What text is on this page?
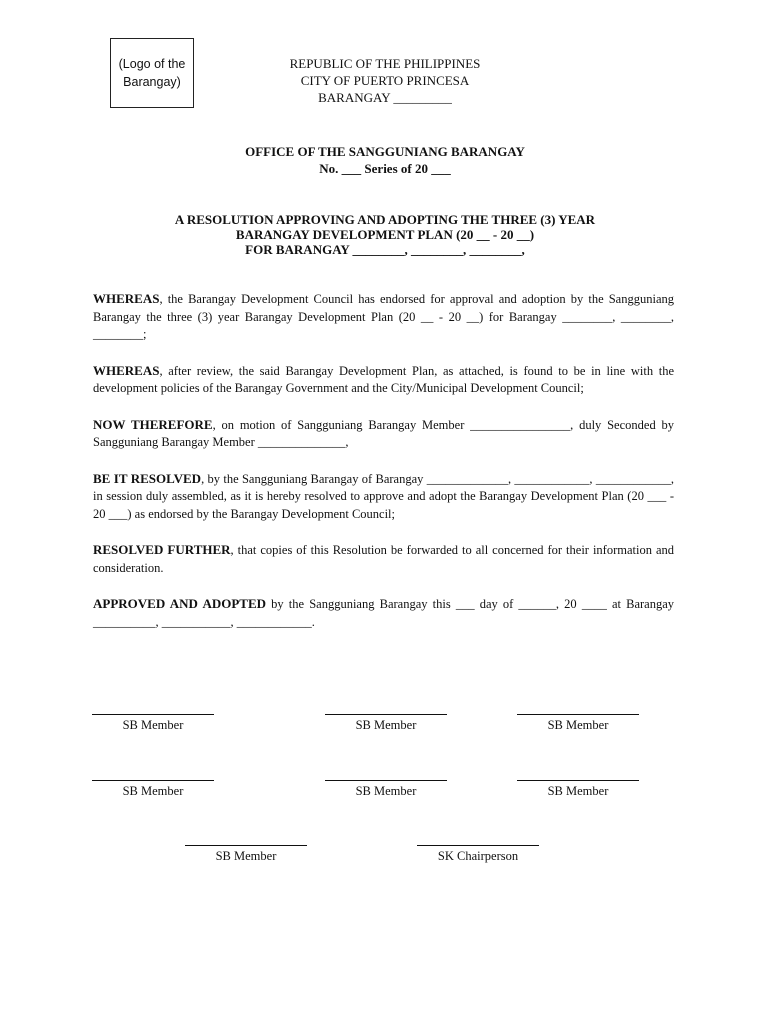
(Logo of the Barangay)
REPUBLIC OF THE PHILIPPINES
CITY OF PUERTO PRINCESA
BARANGAY _________
OFFICE OF THE SANGGUNIANG BARANGAY
No. ___ Series of 20 ___
A RESOLUTION APPROVING AND ADOPTING THE THREE (3) YEAR
BARANGAY DEVELOPMENT PLAN (20 __ - 20 __)
FOR BARANGAY ________, ________, ________,

WHEREAS, the Barangay Development Council has endorsed for approval and adoption by the Sangguniang Barangay the three (3) year Barangay Development Plan (20 __ - 20 __) for Barangay ________, ________, ________;

WHEREAS, after review, the said Barangay Development Plan, as attached, is found to be in line with the development policies of the Barangay Government and the City/Municipal Development Council;

NOW THEREFORE, on motion of Sangguniang Barangay Member ________________, duly Seconded by Sangguniang Barangay Member ______________,

BE IT RESOLVED, by the Sangguniang Barangay of Barangay _____________, ____________, ____________, in session duly assembled, as it is hereby resolved to approve and adopt the Barangay Development Plan (20 ___ - 20 ___) as endorsed by the Barangay Development Council;

RESOLVED FURTHER, that copies of this Resolution be forwarded to all concerned for their information and consideration.

APPROVED AND ADOPTED by the Sangguniang Barangay this ___ day of ______, 20 ____ at Barangay __________, ___________, ____________.

SB Member	SB Member	SB Member
SB Member	SB Member	SB Member
SB Member	SK Chairperson
